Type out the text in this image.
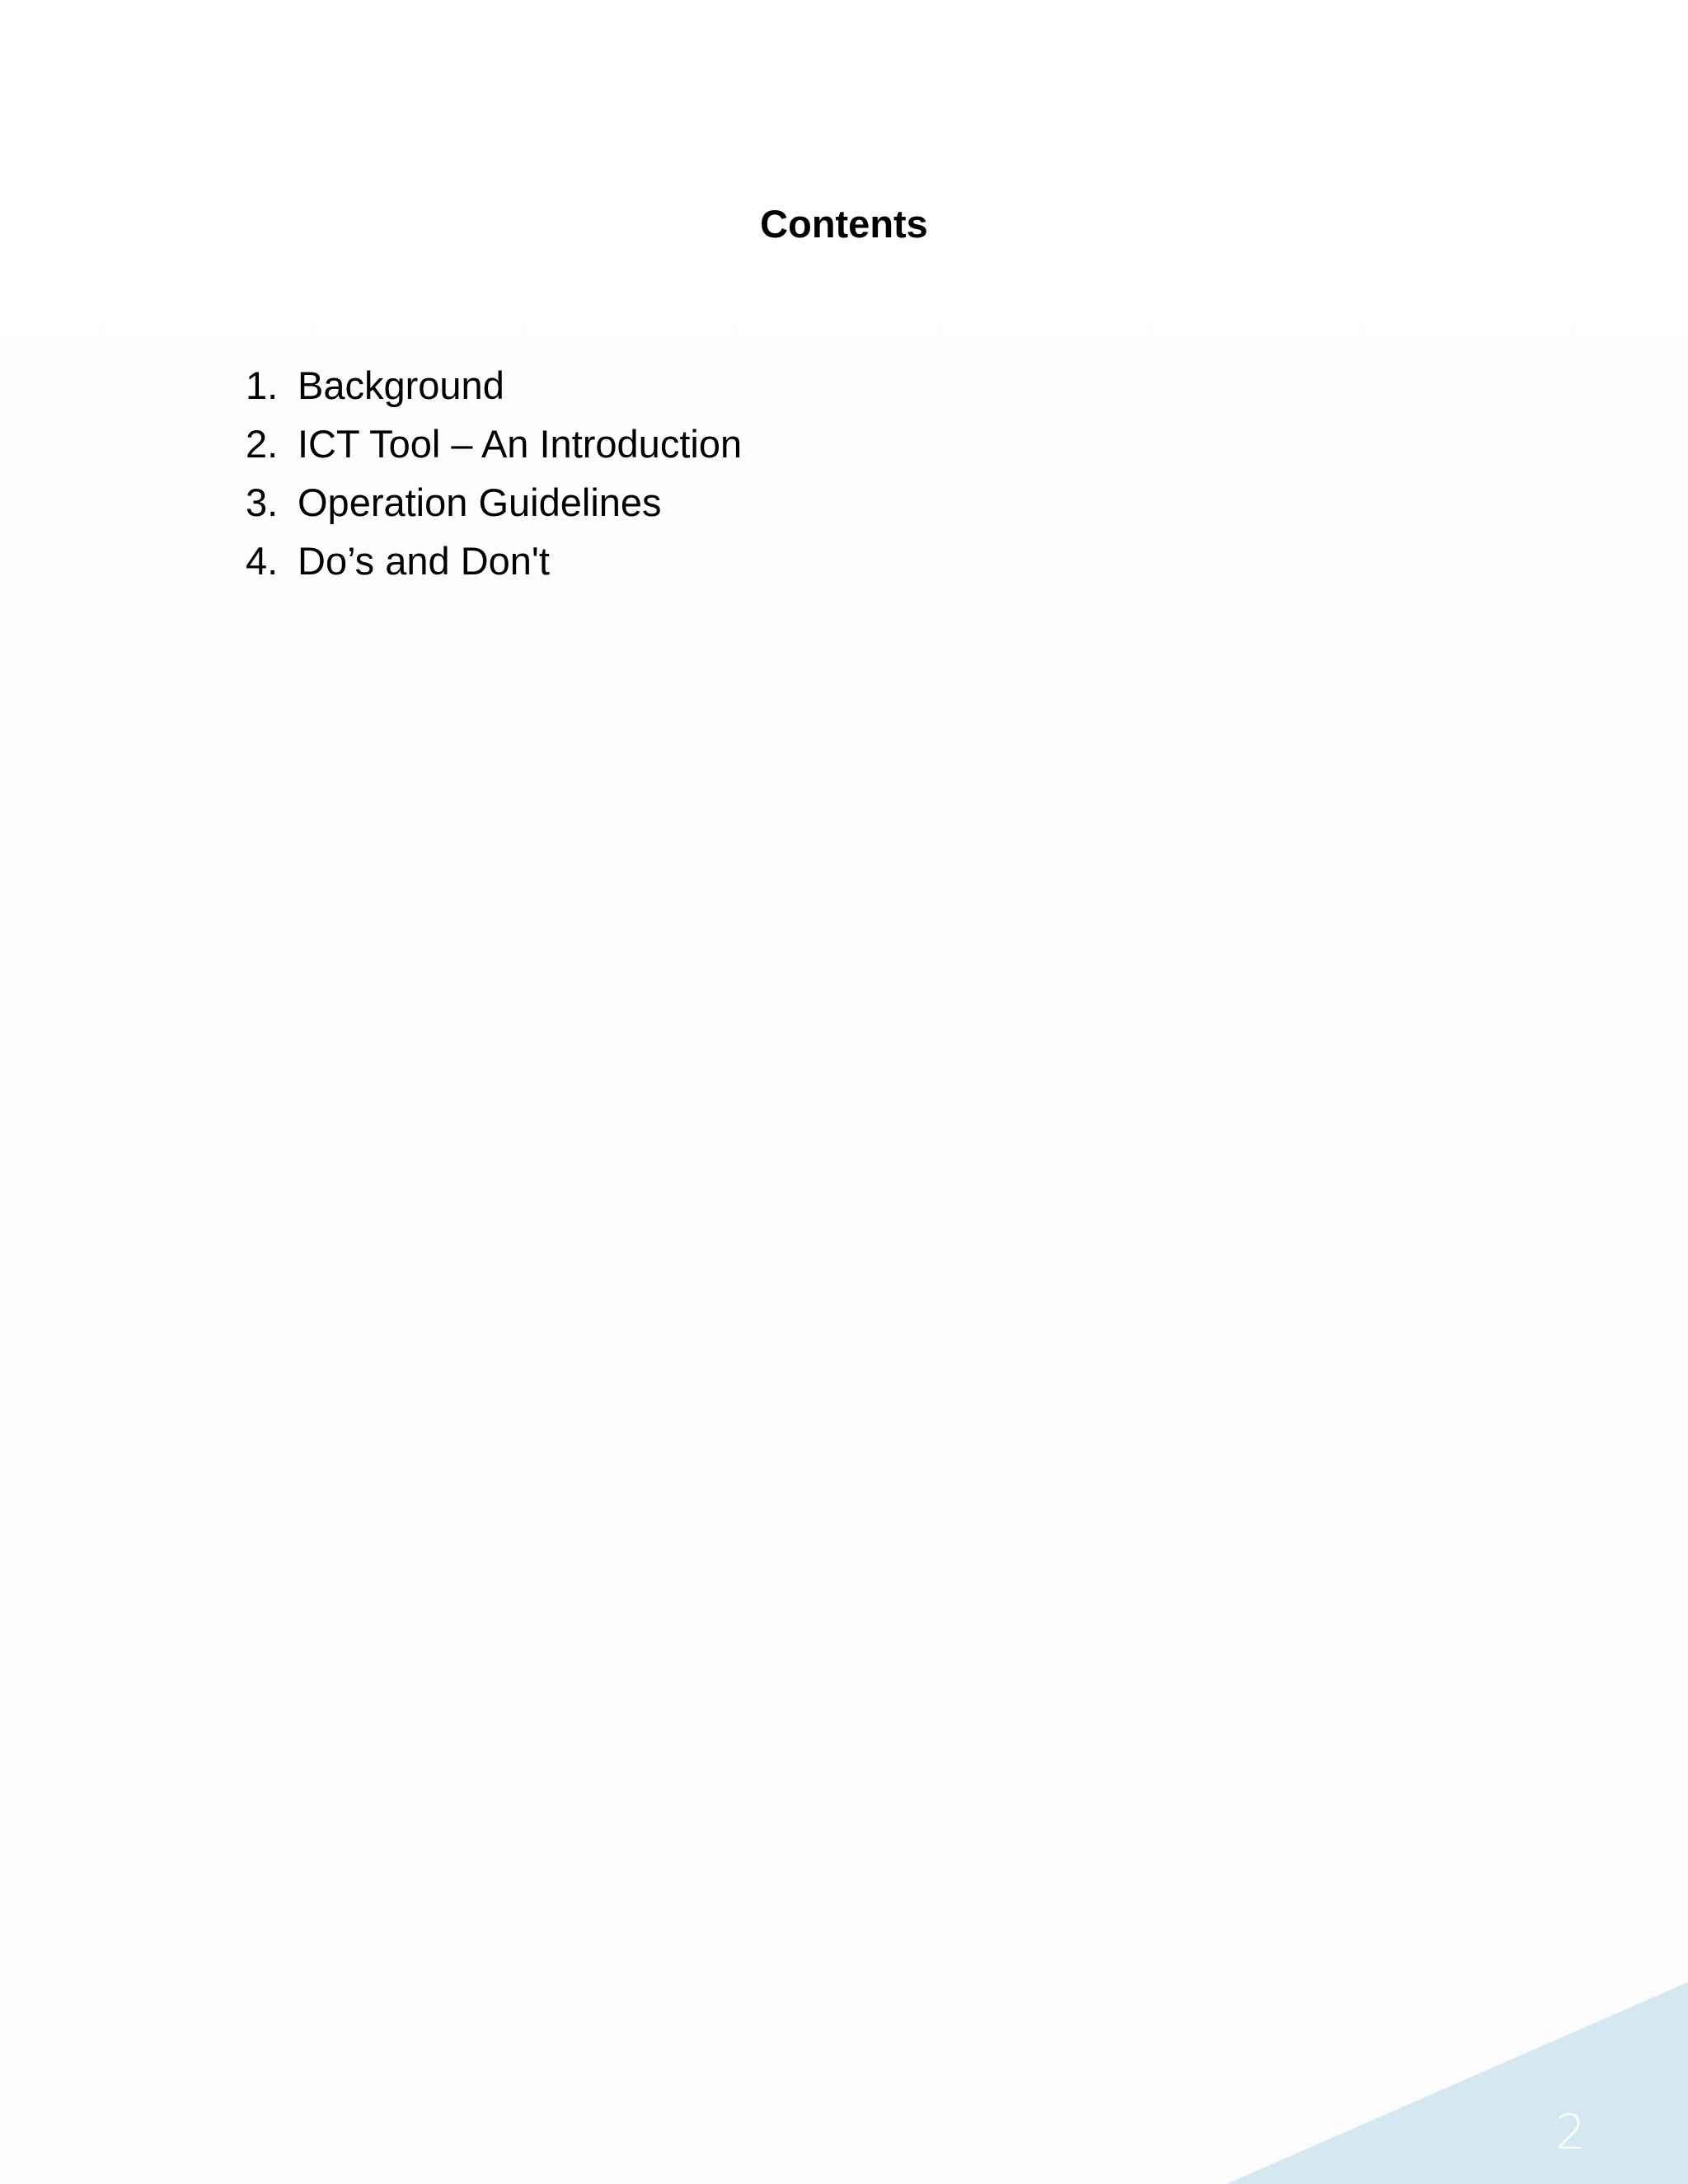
Contents
1. Background
2. ICT Tool – An Introduction
3. Operation Guidelines
4. Do’s and Don't
2
